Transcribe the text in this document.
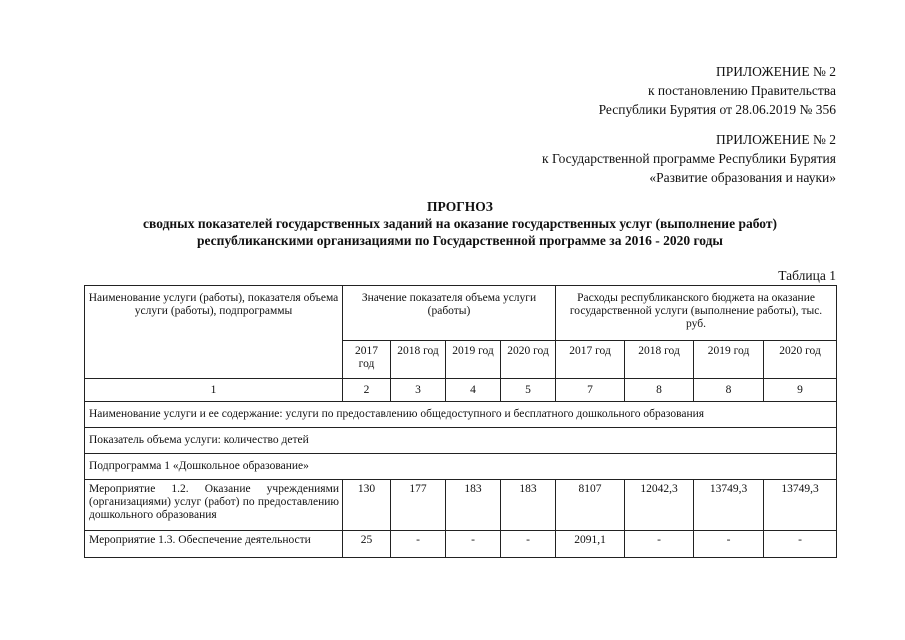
ПРИЛОЖЕНИЕ № 2
к постановлению Правительства
Республики Бурятия от 28.06.2019 № 356
ПРИЛОЖЕНИЕ № 2
к Государственной программе Республики Бурятия
«Развитие образования и науки»
ПРОГНОЗ
сводных показателей государственных заданий на оказание государственных услуг (выполнение работ)
республиканскими организациями по Государственной программе за 2016 - 2020 годы
Таблица 1
Наименование услуги (работы), показателя объема услуги (работы), подпрограммы	Значение показателя объема услуги (работы)				Расходы республиканского бюджета на оказание государственной услуги (выполнение работы), тыс. руб.			
	2017 год	2018 год	2019 год	2020 год	2017 год	2018 год	2019 год	2020 год
1	2	3	4	5	7	8	8	9
Наименование услуги и ее содержание: услуги по предоставлению общедоступного и бесплатного дошкольного образования								
Показатель объема услуги: количество детей								
Подпрограмма 1 «Дошкольное образование»								
Мероприятие 1.2. Оказание учреждениями (организациями) услуг (работ) по предоставлению дошкольного образования	130	177	183	183	8107	12042,3	13749,3	13749,3
Мероприятие 1.3. Обеспечение деятельности	25	-	-	-	2091,1	-	-	-
